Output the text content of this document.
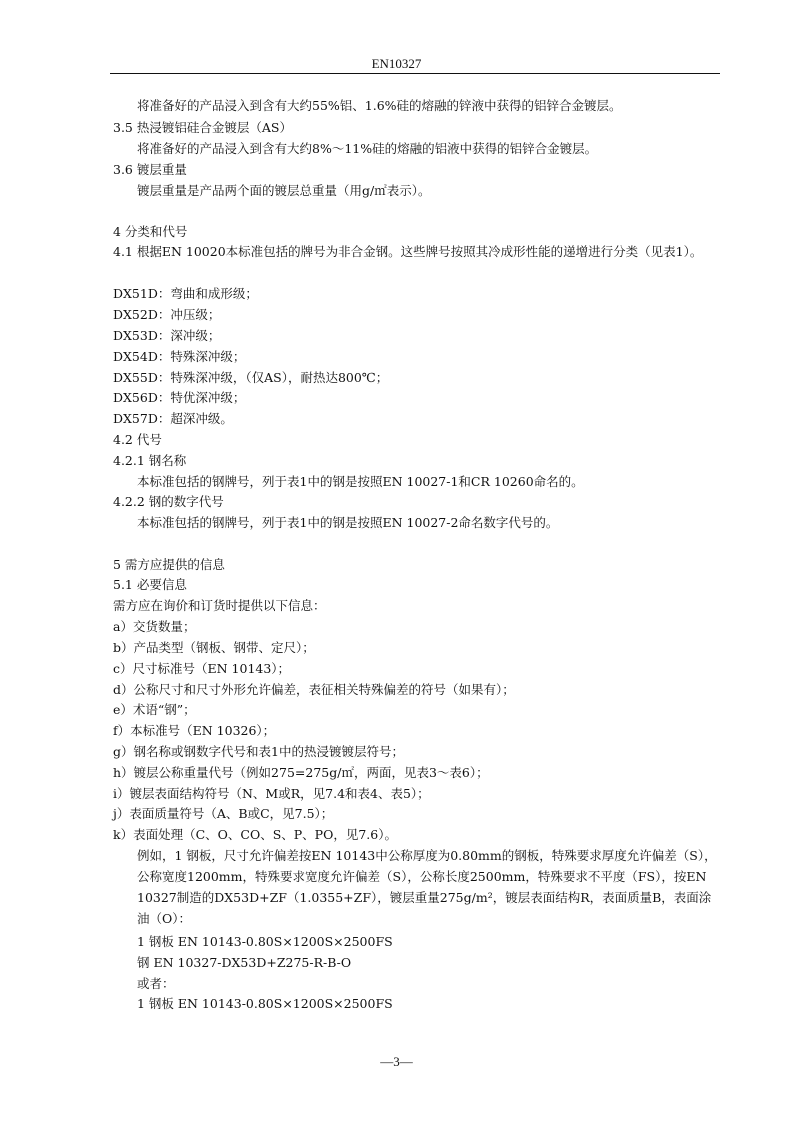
EN10327
将准备好的产品浸入到含有大约55%铝、1.6%硅的熔融的锌液中获得的铝锌合金镀层。
3.5 热浸镀铝硅合金镀层（AS）
将准备好的产品浸入到含有大约8%～11%硅的熔融的铝液中获得的铝锌合金镀层。
3.6 镀层重量
镀层重量是产品两个面的镀层总重量（用g/㎡表示）。
4 分类和代号
4.1 根据EN 10020本标准包括的牌号为非合金钢。这些牌号按照其冷成形性能的递增进行分类（见表1）。
DX51D：弯曲和成形级；
DX52D：冲压级；
DX53D：深冲级；
DX54D：特殊深冲级；
DX55D：特殊深冲级，（仅AS），耐热达800℃；
DX56D：特优深冲级；
DX57D：超深冲级。
4.2 代号
4.2.1 钢名称
本标准包括的钢牌号，列于表1中的钢是按照EN 10027-1和CR 10260命名的。
4.2.2 钢的数字代号
本标准包括的钢牌号，列于表1中的钢是按照EN 10027-2命名数字代号的。
5 需方应提供的信息
5.1 必要信息
需方应在询价和订货时提供以下信息：
a）交货数量；
b）产品类型（钢板、钢带、定尺）；
c）尺寸标准号（EN 10143）；
d）公称尺寸和尺寸外形允许偏差，表征相关特殊偏差的符号（如果有）；
e）术语“钢”；
f）本标准号（EN 10326）；
g）钢名称或钢数字代号和表1中的热浸镀镀层符号；
h）镀层公称重量代号（例如275=275g/㎡，两面，见表3～表6）；
i）镀层表面结构符号（N、M或R，见7.4和表4、表5）；
j）表面质量符号（A、B或C，见7.5）；
k）表面处理（C、O、CO、S、P、PO，见7.6）。
例如，1 钢板，尺寸允许偏差按EN 10143中公称厚度为0.80mm的钢板，特殊要求厚度允许偏差（S），公称宽度1200mm，特殊要求宽度允许偏差（S），公称长度2500mm，特殊要求不平度（FS），按EN 10327制造的DX53D+ZF（1.0355+ZF），镀层重量275g/m²，镀层表面结构R，表面质量B，表面涂油（O）：
1 钢板 EN 10143-0.80S×1200S×2500FS
钢 EN 10327-DX53D+Z275-R-B-O
或者：
1 钢板 EN 10143-0.80S×1200S×2500FS
—3—
